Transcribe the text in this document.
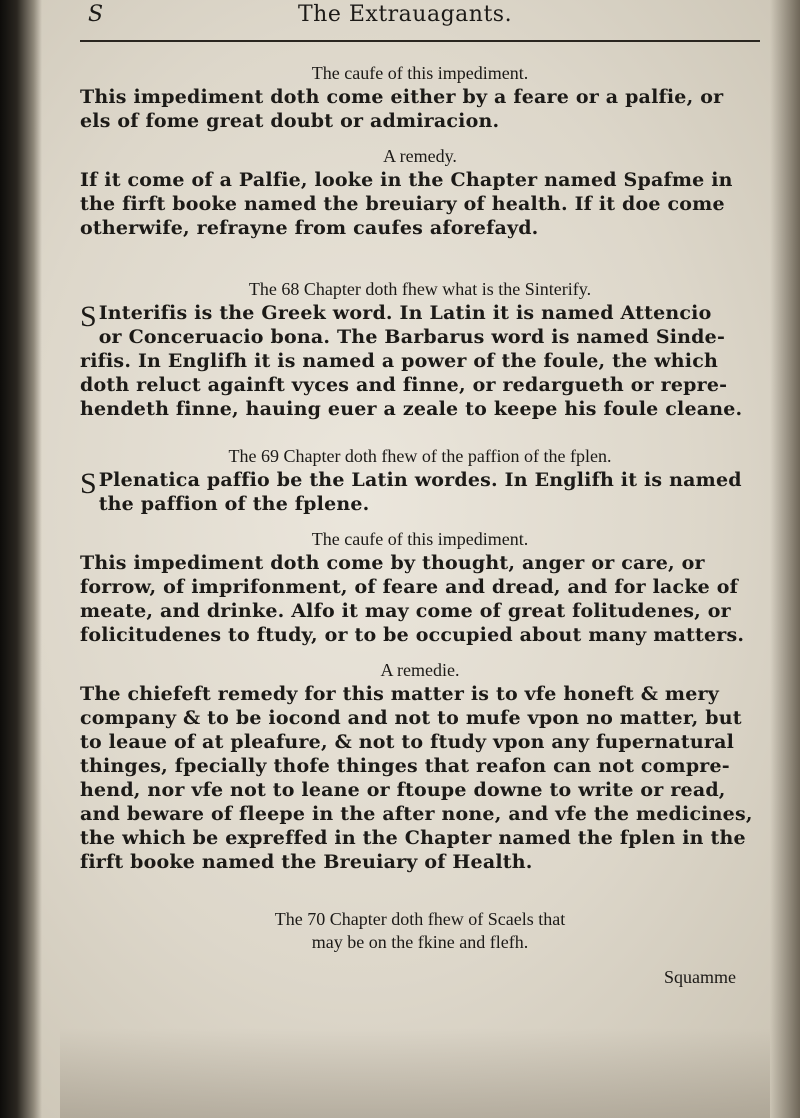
S	The Extrauagants.

The caufe of this impediment.

This impediment doth come either by a feare or a palfie, or

els of fome great doubt or admiracion.

A remedy.

If it come of a Palfie, looke in the Chapter named Spafme in

the firft booke named the breuiary of health. If it doe come

otherwife, refrayne from caufes aforefayd.

The 68 Chapter doth fhew what is the Sinterify.

S Interifis is the Greek word. In Latin it is named Attencio

or Conceruacio bona. The Barbarus word is named Sinde-

rifis. In Englifh it is named a power of the foule, the which

doth reluct againft vyces and finne, or redargueth or repre-

hendeth finne, hauing euer a zeale to keepe his foule cleane.

The 69 Chapter doth fhew of the paffion of the fplen.

S Plenatica paffio be the Latin wordes. In Englifh it is named

the paffion of the fplene.

The caufe of this impediment.

This impediment doth come by thought, anger or care, or

forrow, of imprifonment, of feare and dread, and for lacke of

meate, and drinke. Alfo it may come of great folitudenes, or

folicitudenes to ftudy, or to be occupied about many matters.

A remedie.

The chiefeft remedy for this matter is to vfe honeft & mery

company & to be iocond and not to mufe vpon no matter, but

to leaue of at pleafure, & not to ftudy vpon any fupernatural

thinges, fpecially thofe thinges that reafon can not compre-

hend, nor vfe not to leane or ftoupe downe to write or read,

and beware of fleepe in the after none, and vfe the medicines,

the which be expreffed in the Chapter named the fplen in the

firft booke named the Breuiary of Health.

The 70 Chapter doth fhew of Scaels that

may be on the fkine and flefh.

Squamme
